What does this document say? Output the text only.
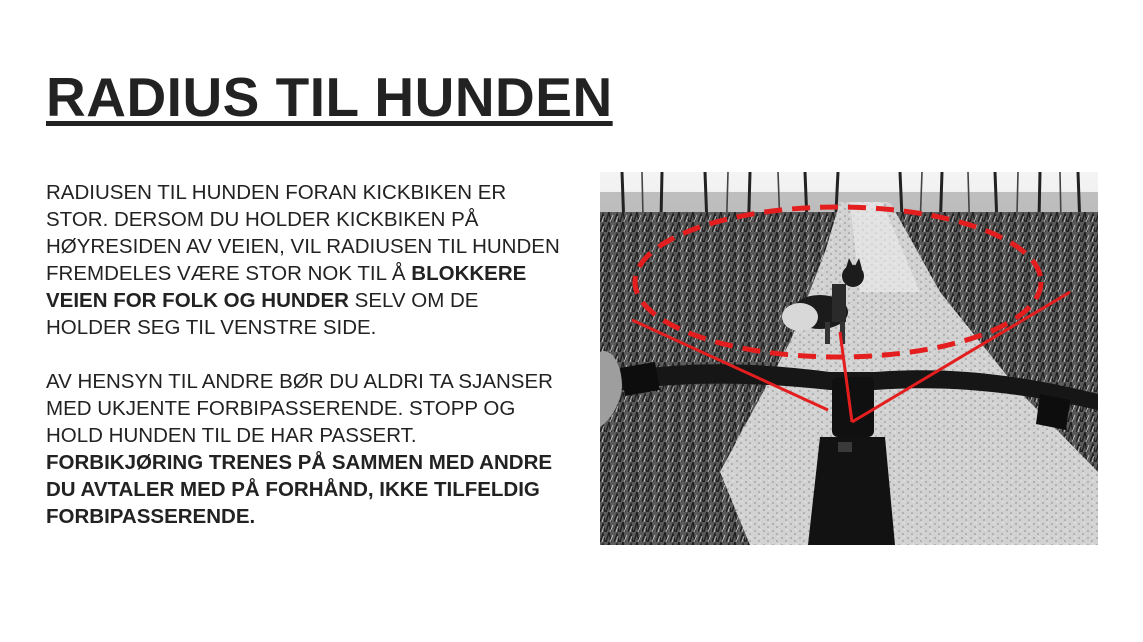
RADIUS TIL HUNDEN

RADIUSEN TIL HUNDEN FORAN KICKBIKEN ER STOR. DERSOM DU HOLDER KICKBIKEN PÅ HØYRESIDEN AV VEIEN, VIL RADIUSEN TIL HUNDEN FREMDELES VÆRE STOR NOK TIL Å BLOKKERE VEIEN FOR FOLK OG HUNDER SELV OM DE HOLDER SEG TIL VENSTRE SIDE.

AV HENSYN TIL ANDRE BØR DU ALDRI TA SJANSER MED UKJENTE FORBIPASSERENDE. STOPP OG HOLD HUNDEN TIL DE HAR PASSERT. FORBIKJØRING TRENES PÅ SAMMEN MED ANDRE DU AVTALER MED PÅ FORHÅND, IKKE TILFELDIG FORBIPASSERENDE.
